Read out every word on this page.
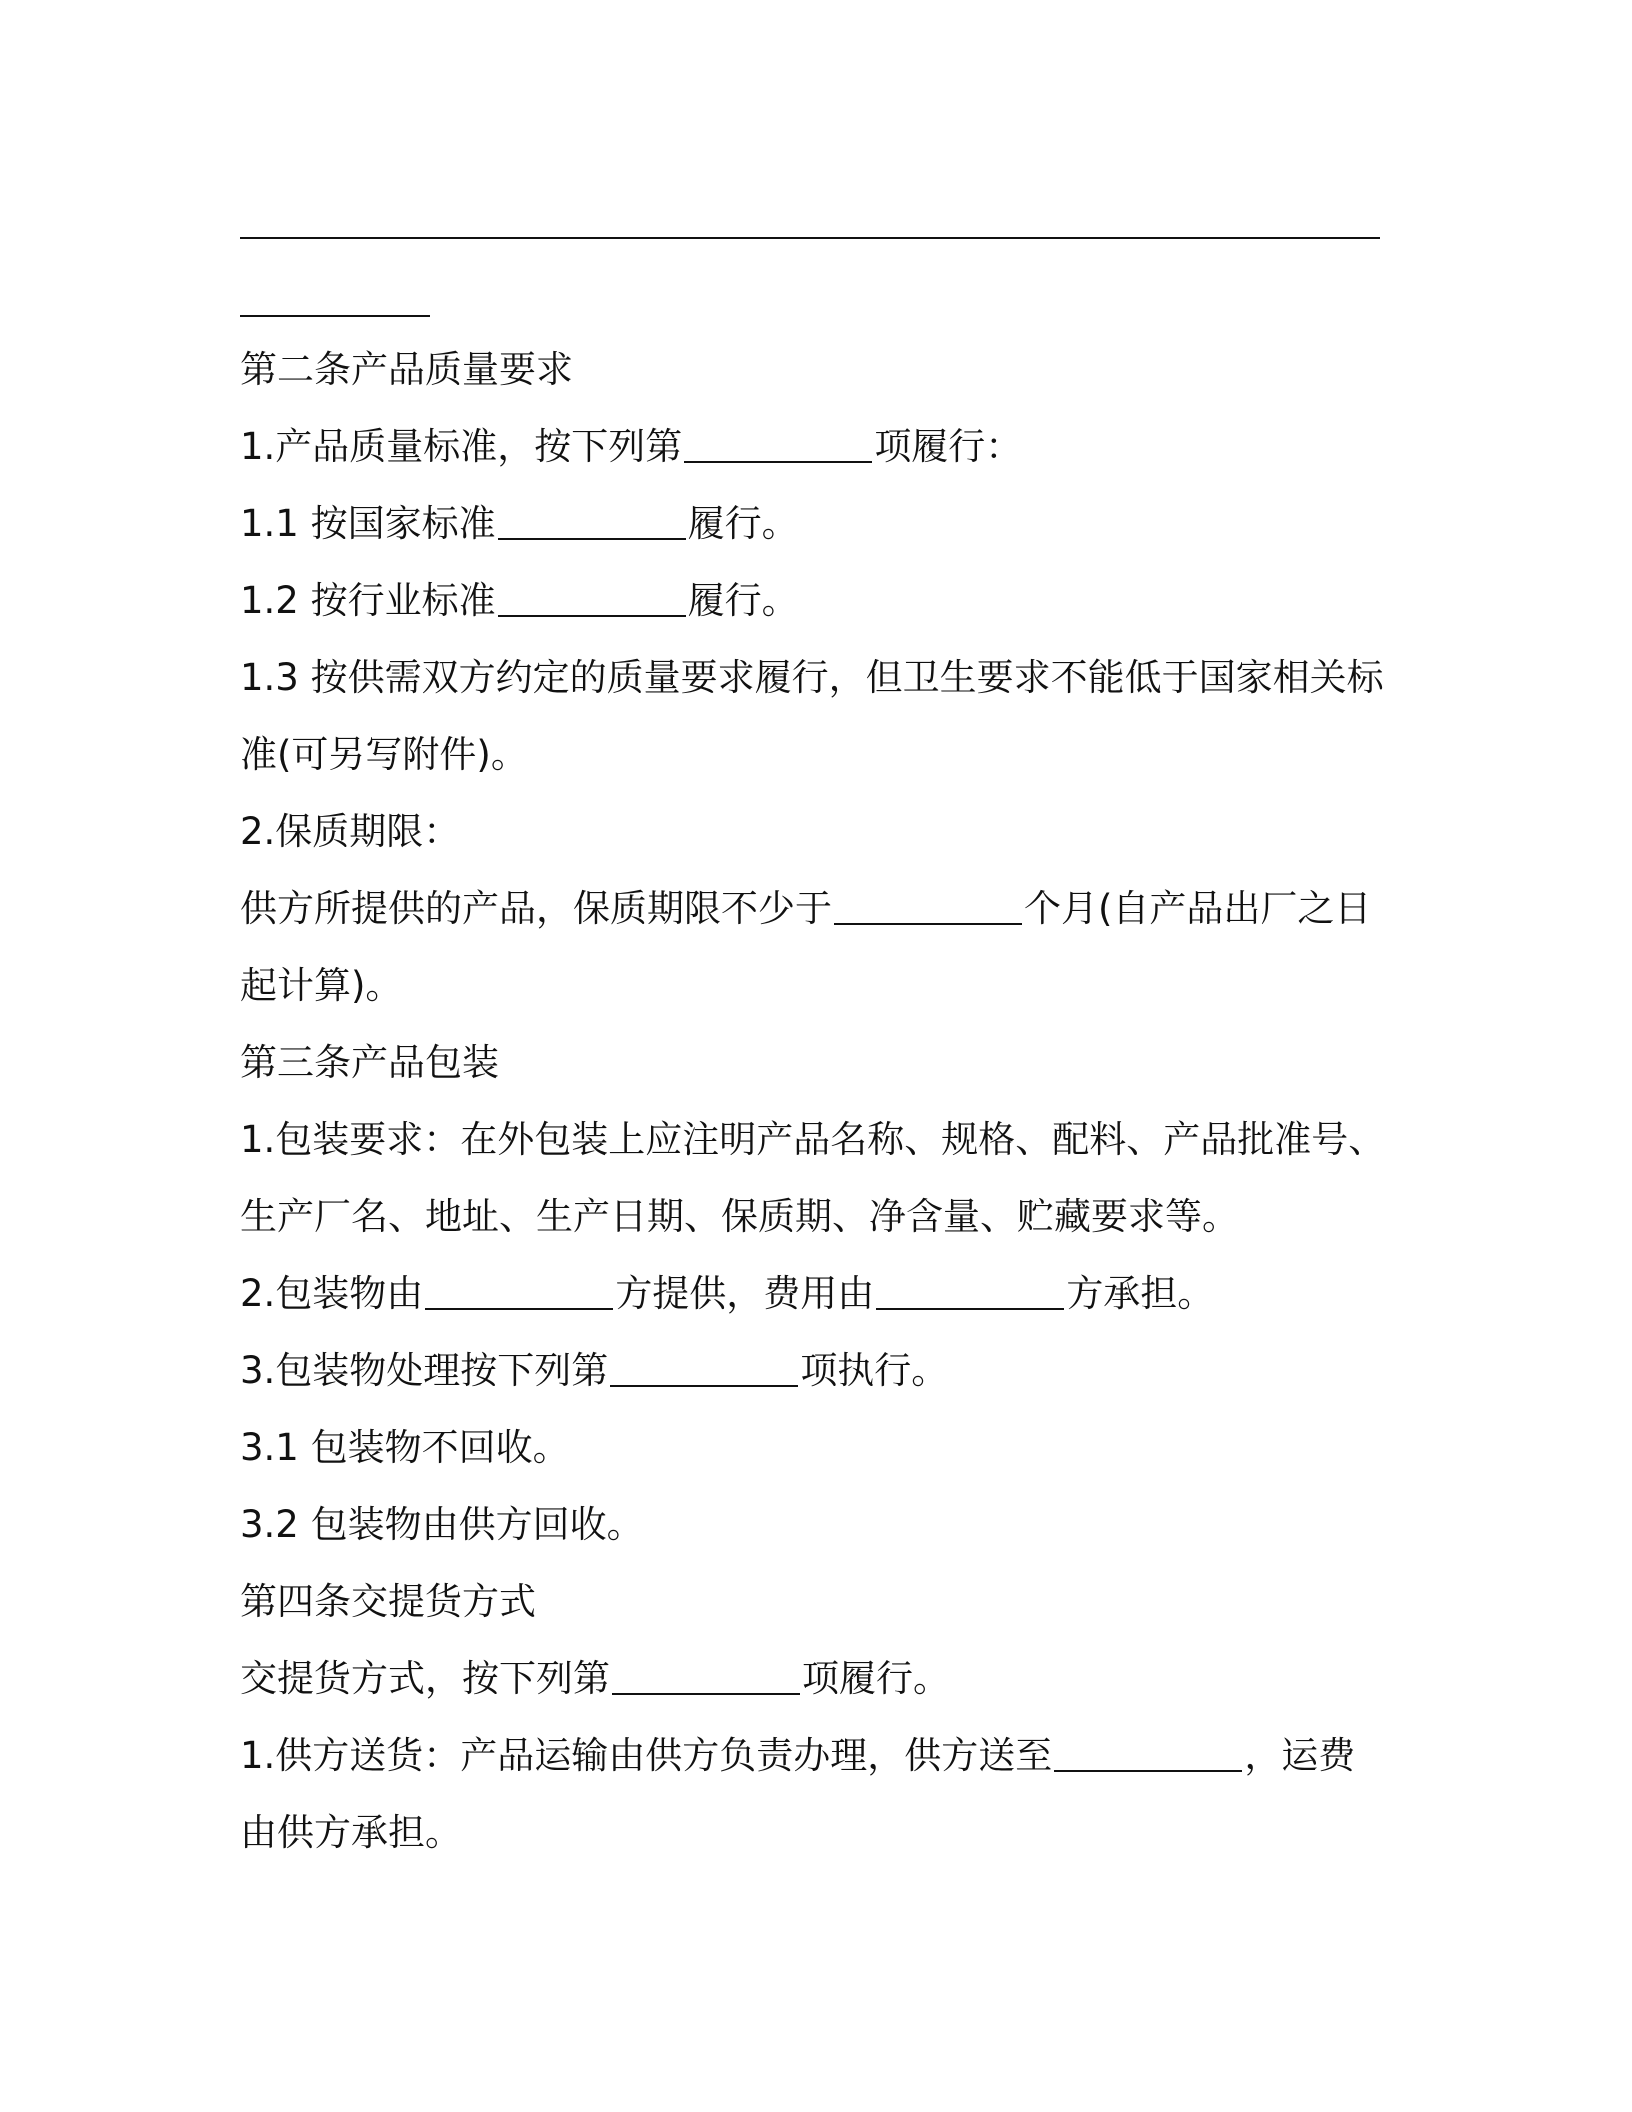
第二条产品质量要求
1.产品质量标准，按下列第	项履行：
1.1 按国家标准	履行。
1.2 按行业标准	履行。
1.3 按供需双方约定的质量要求履行，但卫生要求不能低于国家相关标
准(可另写附件)。
2.保质期限：
供方所提供的产品，保质期限不少于	个月(自产品出厂之日
起计算)。
第三条产品包装
1.包装要求：在外包装上应注明产品名称、规格、配料、产品批准号、
生产厂名、地址、生产日期、保质期、净含量、贮藏要求等。
2.包装物由	方提供，费用由	方承担。
3.包装物处理按下列第	项执行。
3.1 包装物不回收。
3.2 包装物由供方回收。
第四条交提货方式
交提货方式，按下列第	项履行。
1.供方送货：产品运输由供方负责办理，供方送至	，运费
由供方承担。
